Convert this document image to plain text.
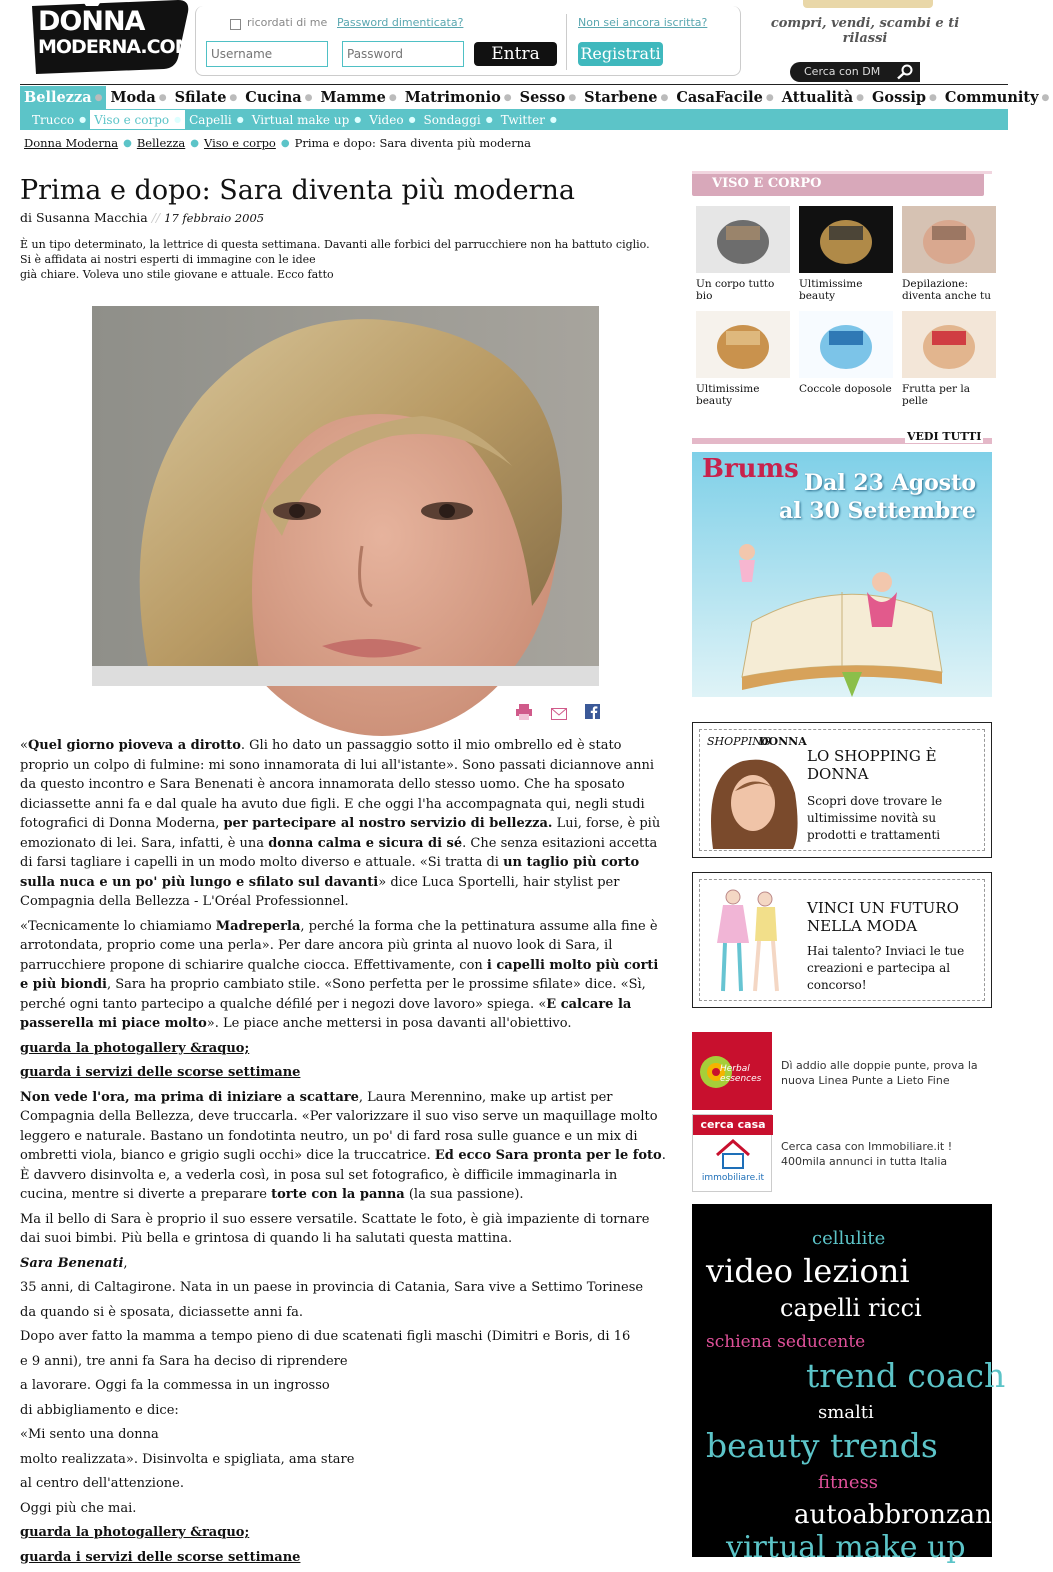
DONNA
MODERNA.COM
ricordati di me Password dimenticata?	Non sei ancora iscritta?
Username
Password
Entra	Registrati
compri, vendi, scambi e ti rilassi
Cerca con DM
Bellezza ● Moda ● Sfilate ● Cucina ● Mamme ● Matrimonio ● Sesso ● Starbene ● CasaFacile ● Attualità ● Gossip ● Community ●
Trucco ● Viso e corpo ● Capelli ● Virtual make up ● Video ● Sondaggi ● Twitter ●
Donna Moderna ● Bellezza ● Viso e corpo ● Prima e dopo: Sara diventa più moderna
Prima e dopo: Sara diventa più moderna
di Susanna Macchia // 17 febbraio 2005
È un tipo determinato, la lettrice di questa settimana. Davanti alle forbici del parrucchiere non ha battuto ciglio. Si è affidata ai nostri esperti di immagine con le idee
già chiare. Voleva uno stile giovane e attuale. Ecco fatto

«Quel giorno pioveva a dirotto. Gli ho dato un passaggio sotto il mio ombrello ed è stato proprio un colpo di fulmine: mi sono innamorata di lui all'istante». Sono passati diciannove anni da questo incontro e Sara Benenati è ancora innamorata dello stesso uomo. Che ha sposato diciassette anni fa e dal quale ha avuto due figli. E che oggi l'ha accompagnata qui, negli studi fotografici di Donna Moderna, per partecipare al nostro servizio di bellezza. Lui, forse, è più emozionato di lei. Sara, infatti, è una donna calma e sicura di sé. Che senza esitazioni accetta di farsi tagliare i capelli in un modo molto diverso e attuale. «Si tratta di un taglio più corto sulla nuca e un po' più lungo e sfilato sul davanti» dice Luca Sportelli, hair stylist per Compagnia della Bellezza - L'Oréal Professionnel.

«Tecnicamente lo chiamiamo Madreperla, perché la forma che la pettinatura assume alla fine è arrotondata, proprio come una perla». Per dare ancora più grinta al nuovo look di Sara, il parrucchiere propone di schiarire qualche ciocca. Effettivamente, con i capelli molto più corti e più biondi, Sara ha proprio cambiato stile. «Sono perfetta per le prossime sfilate» dice. «Sì, perché ogni tanto partecipo a qualche défilé per i negozi dove lavoro» spiega. «E calcare la passerella mi piace molto». Le piace anche mettersi in posa davanti all'obiettivo.

guarda la photogallery &raquo;
guarda i servizi delle scorse settimane

Non vede l'ora, ma prima di iniziare a scattare, Laura Merennino, make up artist per Compagnia della Bellezza, deve truccarla. «Per valorizzare il suo viso serve un maquillage molto leggero e naturale. Bastano un fondotinta neutro, un po' di fard rosa sulle guance e un mix di ombretti viola, bianco e grigio sugli occhi» dice la truccatrice. Ed ecco Sara pronta per le foto. È davvero disinvolta e, a vederla così, in posa sul set fotografico, è difficile immaginarla in cucina, mentre si diverte a preparare torte con la panna (la sua passione).

Ma il bello di Sara è proprio il suo essere versatile. Scattate le foto, è già impaziente di tornare dai suoi bimbi. Più bella e grintosa di quando li ha salutati questa mattina.

Sara Benenati,

35 anni, di Caltagirone. Nata in un paese in provincia di Catania, Sara vive a Settimo Torinese

da quando si è sposata, diciassette anni fa.

Dopo aver fatto la mamma a tempo pieno di due scatenati figli maschi (Dimitri e Boris, di 16

e 9 anni), tre anni fa Sara ha deciso di riprendere

a lavorare. Oggi fa la commessa in un ingrosso

di abbigliamento e dice:

«Mi sento una donna

molto realizzata». Disinvolta e spigliata, ama stare

al centro dell'attenzione.

Oggi più che mai.

guarda la photogallery &raquo;
guarda i servizi delle scorse settimane
VISO E CORPO
Un corpo tutto bio
Ultimissime beauty
Depilazione: diventa anche tu
Ultimissime beauty
Coccole doposole Frutta per la pelle
VEDI TUTTI
Brums Dal 23 Agosto
al 30 Settembre
SHOPPING
DONNA
LO SHOPPING È DONNA
Scopri dove trovare le ultimissime novità su prodotti e trattamenti
VINCI UN FUTURO NELLA MODA
Hai talento? Inviaci le tue creazioni e partecipa al concorso!
Herbal essences
Dì addio alle doppie punte, prova la nuova Linea Punte a Lieto Fine
cerca casa
immobiliare.it
Cerca casa con Immobiliare.it ! 400mila annunci in tutta Italia
cellulite
video lezioni
capelli ricci
schiena seducente
trend coach
smalti
beauty trends
fitness
autoabbronzanti
virtual make up
